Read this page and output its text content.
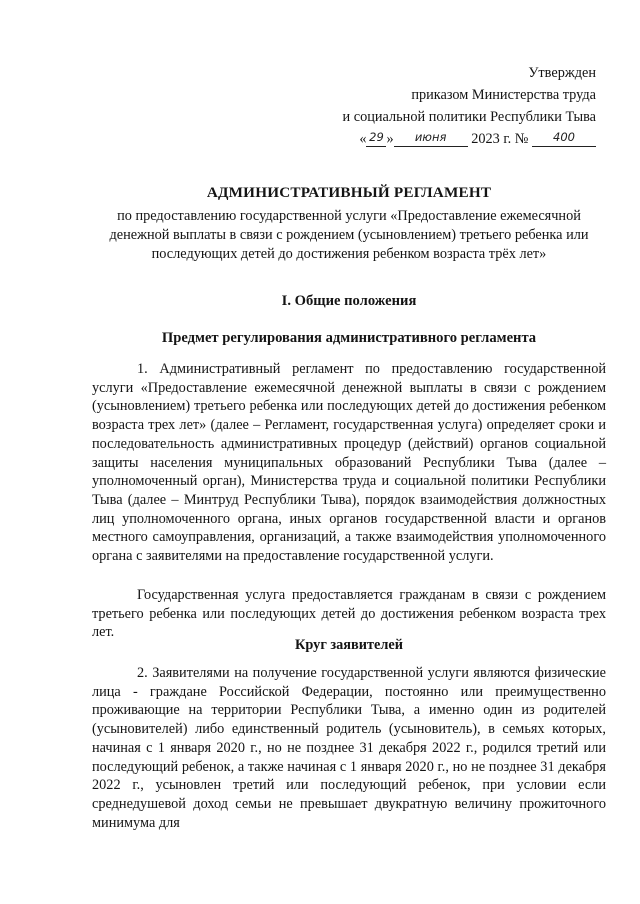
Утвержден
приказом Министерства труда
и социальной политики Республики Тыва
« 29 » июня 2023 г. № 400
АДМИНИСТРАТИВНЫЙ РЕГЛАМЕНТ
по предоставлению государственной услуги «Предоставление ежемесячной денежной выплаты в связи с рождением (усыновлением) третьего ребенка или последующих детей до достижения ребенком возраста трёх лет»
I. Общие положения
Предмет регулирования административного регламента

1. Административный регламент по предоставлению государственной услуги «Предоставление ежемесячной денежной выплаты в связи с рождением (усыновлением) третьего ребенка или последующих детей до достижения ребенком возраста трех лет» (далее – Регламент, государственная услуга) определяет сроки и последовательность административных процедур (действий) органов социальной защиты населения муниципальных образований Республики Тыва (далее – уполномоченный орган), Министерства труда и социальной политики Республики Тыва (далее – Минтруд Республики Тыва), порядок взаимодействия должностных лиц уполномоченного органа, иных органов государственной власти и органов местного самоуправления, организаций, а также взаимодействия уполномоченного органа с заявителями на предоставление государственной услуги.

Государственная услуга предоставляется гражданам в связи с рождением третьего ребенка или последующих детей до достижения ребенком возраста трех лет.

Круг заявителей

2. Заявителями на получение государственной услуги являются физические лица - граждане Российской Федерации, постоянно или преимущественно проживающие на территории Республики Тыва, а именно один из родителей (усыновителей) либо единственный родитель (усыновитель), в семьях которых, начиная с 1 января 2020 г., но не позднее 31 декабря 2022 г., родился третий или последующий ребенок, а также начиная с 1 января 2020 г., но не позднее 31 декабря 2022 г., усыновлен третий или последующий ребенок, при условии если среднедушевой доход семьи не превышает двукратную величину прожиточного минимума для
